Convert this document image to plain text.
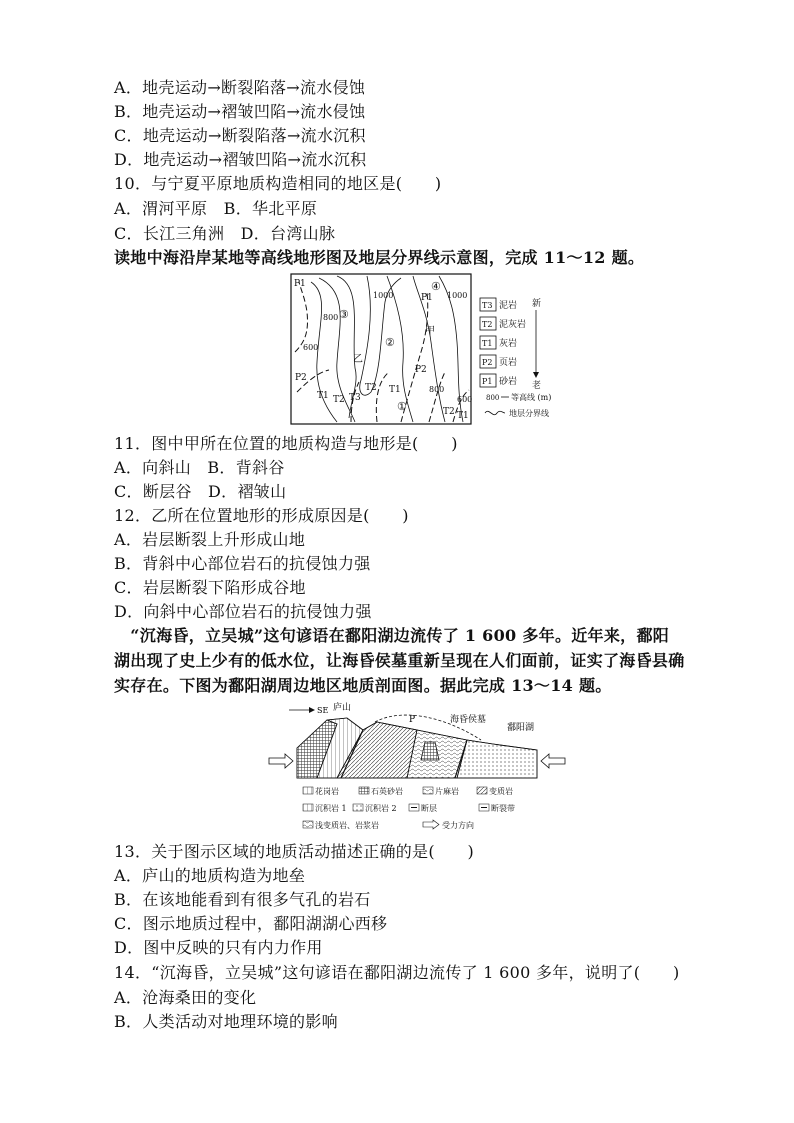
A．地壳运动→断裂陷落→流水侵蚀
B．地壳运动→褶皱凹陷→流水侵蚀
C．地壳运动→断裂陷落→流水沉积
D．地壳运动→褶皱凹陷→流水沉积
10．与宁夏平原地质构造相同的地区是(　　)
A．渭河平原　B．华北平原
C．长江三角洲　D．台湾山脉
读地中海沿岸某地等高线地形图及地层分界线示意图，完成 11～12 题。
P1
P2
P1
P2
800
600
1000	1000
800
600
③
④
②
①
甲
乙
T1 T2 T3
T2 T1
T2 T1
T3 泥岩
T2 泥灰岩
T1 灰岩
P2 页岩
P1 砂岩
新
老
800 等高线 (m)
地层分界线
11．图中甲所在位置的地质构造与地形是(　　)
A．向斜山　B．背斜谷
C．断层谷　D．褶皱山
12．乙所在位置地形的形成原因是(　　)
A．岩层断裂上升形成山地
B．背斜中心部位岩石的抗侵蚀力强
C．岩层断裂下陷形成谷地
D．向斜中心部位岩石的抗侵蚀力强
　“沉海昏，立吴城”这句谚语在鄱阳湖边流传了 1 600 多年。近年来，鄱阳
湖出现了史上少有的低水位，让海昏侯墓重新呈现在人们面前，证实了海昏县确
实存在。下图为鄱阳湖周边地区地质剖面图。据此完成 13～14 题。
SE 庐山
P	海昏侯墓
鄱阳湖
花岗岩	石英砂岩	片麻岩	变质岩
沉积岩 1 沉积岩 2	断层	断裂带
浅变质岩、岩浆岩	受力方向
13．关于图示区域的地质活动描述正确的是(　　)
A．庐山的地质构造为地垒
B．在该地能看到有很多气孔的岩石
C．图示地质过程中，鄱阳湖湖心西移
D．图中反映的只有内力作用
14．“沉海昏，立吴城”这句谚语在鄱阳湖边流传了 1 600 多年，说明了(　　)
A．沧海桑田的变化
B．人类活动对地理环境的影响
